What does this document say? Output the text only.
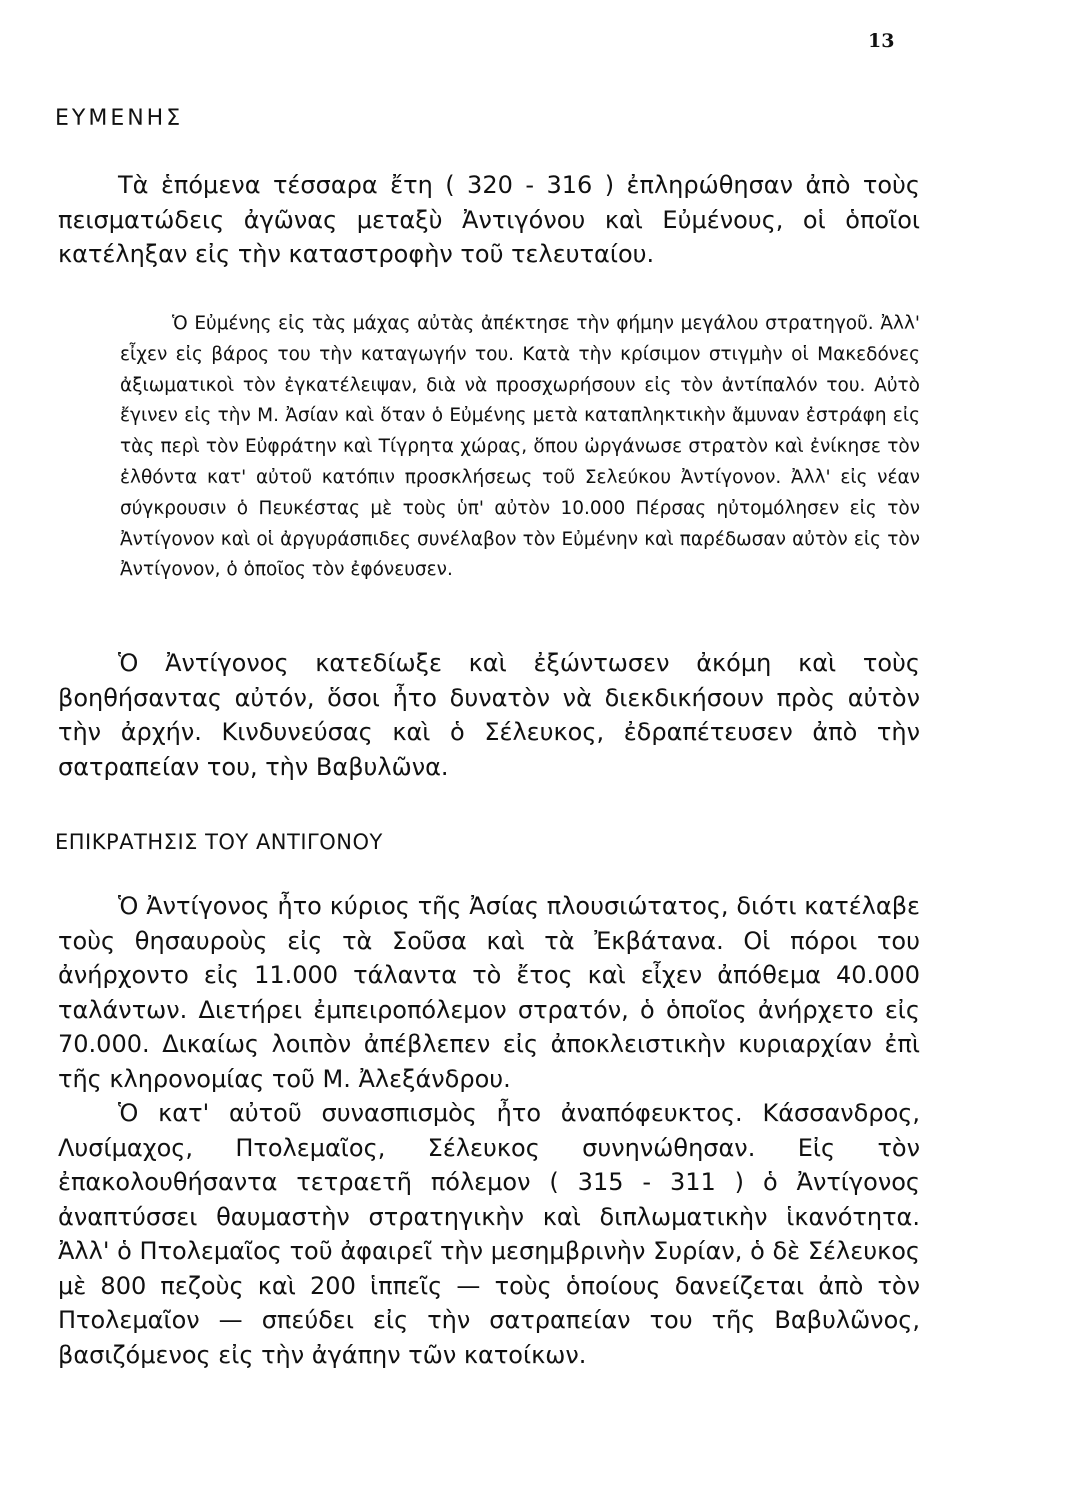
13
ΕΥΜΕΝΗΣ

Τὰ ἑπόμενα τέσσαρα ἔτη ( 320 - 316 ) ἐπληρώθησαν ἀπὸ τοὺς πεισματώδεις ἀγῶνας μεταξὺ Ἀντιγόνου καὶ Εὐμένους, οἱ ὁποῖοι κατέληξαν εἰς τὴν καταστροφὴν τοῦ τελευταίου.

Ὁ Εὐμένης εἰς τὰς μάχας αὐτὰς ἀπέκτησε τὴν φήμην μεγάλου στρατηγοῦ. Ἀλλ' εἶχεν εἰς βάρος του τὴν καταγωγήν του. Κατὰ τὴν κρίσιμον στιγμὴν οἱ Μακεδόνες ἀξιωματικοὶ τὸν ἐγκατέλειψαν, διὰ νὰ προσχωρήσουν εἰς τὸν ἀντίπαλόν του. Αὐτὸ ἔγινεν εἰς τὴν Μ. Ἀσίαν καὶ ὅταν ὁ Εὐμένης μετὰ καταπληκτικὴν ἄμυναν ἐστράφη εἰς τὰς περὶ τὸν Εὐφράτην καὶ Τίγρητα χώρας, ὅπου ὠργάνωσε στρατὸν καὶ ἐνίκησε τὸν ἐλθόντα κατ' αὐτοῦ κατόπιν προσκλήσεως τοῦ Σελεύκου Ἀντίγονον. Ἀλλ' εἰς νέαν σύγκρουσιν ὁ Πευκέστας μὲ τοὺς ὑπ' αὐτὸν 10.000 Πέρσας ηὐτομόλησεν εἰς τὸν Ἀντίγονον καὶ οἱ ἀργυράσπιδες συνέλαβον τὸν Εὐμένην καὶ παρέδωσαν αὐτὸν εἰς τὸν Ἀντίγονον, ὁ ὁποῖος τὸν ἐφόνευσεν.

Ὁ Ἀντίγονος κατεδίωξε καὶ ἐξώντωσεν ἀκόμη καὶ τοὺς βοηθήσαντας αὐτόν, ὅσοι ἦτο δυνατὸν νὰ διεκδικήσουν πρὸς αὐτὸν τὴν ἀρχήν. Κινδυνεύσας καὶ ὁ Σέλευκος, ἐδραπέτευσεν ἀπὸ τὴν σατραπείαν του, τὴν Βαβυλῶνα.

ΕΠΙΚΡΑΤΗΣΙΣ ΤΟΥ ΑΝΤΙΓΟΝΟΥ

Ὁ Ἀντίγονος ἦτο κύριος τῆς Ἀσίας πλουσιώτατος, διότι κατέλαβε τοὺς θησαυροὺς εἰς τὰ Σοῦσα καὶ τὰ Ἐκβάτανα. Οἱ πόροι του ἀνήρχοντο εἰς 11.000 τάλαντα τὸ ἔτος καὶ εἶχεν ἀπόθεμα 40.000 ταλάντων. Διετήρει ἐμπειροπόλεμον στρατόν, ὁ ὁποῖος ἀνήρχετο εἰς 70.000. Δικαίως λοιπὸν ἀπέβλεπεν εἰς ἀποκλειστικὴν κυριαρχίαν ἐπὶ τῆς κληρονομίας τοῦ Μ. Ἀλεξάνδρου.

Ὁ κατ' αὐτοῦ συνασπισμὸς ἦτο ἀναπόφευκτος. Κάσσανδρος, Λυσίμαχος, Πτολεμαῖος, Σέλευκος συνηνώθησαν. Εἰς τὸν ἐπακολουθήσαντα τετραετῆ πόλεμον ( 315 - 311 ) ὁ Ἀντίγονος ἀναπτύσσει θαυμαστὴν στρατηγικὴν καὶ διπλωματικὴν ἱκανότητα. Ἀλλ' ὁ Πτολεμαῖος τοῦ ἀφαιρεῖ τὴν μεσημβρινὴν Συρίαν, ὁ δὲ Σέλευκος μὲ 800 πεζοὺς καὶ 200 ἱππεῖς — τοὺς ὁποίους δανείζεται ἀπὸ τὸν Πτολεμαῖον — σπεύδει εἰς τὴν σατραπείαν του τῆς Βαβυλῶνος, βασιζόμενος εἰς τὴν ἀγάπην τῶν κατοίκων.
